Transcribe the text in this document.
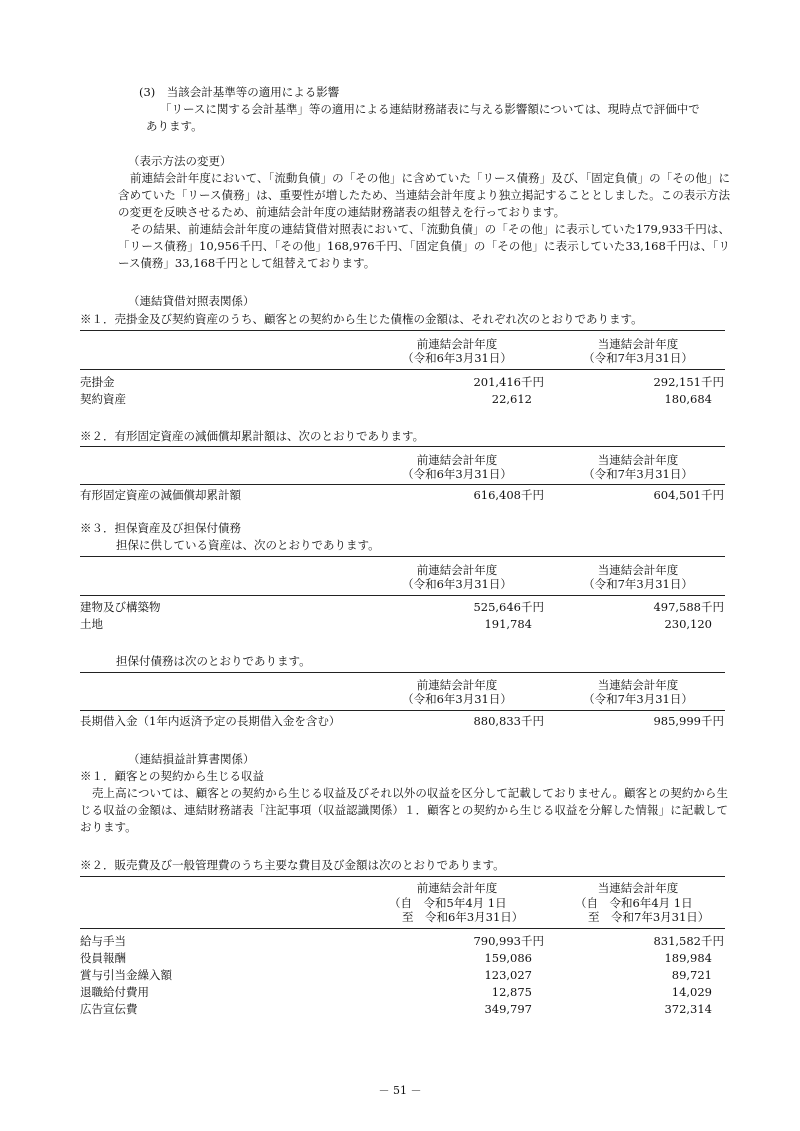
(3)　当該会計基準等の適用による影響
「リースに関する会計基準」等の適用による連結財務諸表に与える影響額については、現時点で評価中で
あります。
（表示方法の変更）
前連結会計年度において、「流動負債」の「その他」に含めていた「リース債務」及び、「固定負債」の「その他」に含めていた「リース債務」は、重要性が増したため、当連結会計年度より独立掲記することとしました。この表示方法の変更を反映させるため、前連結会計年度の連結財務諸表の組替えを行っております。
その結果、前連結会計年度の連結貸借対照表において、「流動負債」の「その他」に表示していた179,933千円は、「リース債務」10,956千円、「その他」168,976千円、「固定負債」の「その他」に表示していた33,168千円は、「リース債務」33,168千円として組替えております。
（連結貸借対照表関係）
※１．売掛金及び契約資産のうち、顧客との契約から生じた債権の金額は、それぞれ次のとおりであります。
前連結会計年度
（令和6年3月31日）
当連結会計年度
（令和7年3月31日）
売掛金	201,416千円	292,151千円
契約資産	22,612	180,684
※２．有形固定資産の減価償却累計額は、次のとおりであります。
前連結会計年度
（令和6年3月31日）
当連結会計年度
（令和7年3月31日）
有形固定資産の減価償却累計額	616,408千円	604,501千円
※３．担保資産及び担保付債務
担保に供している資産は、次のとおりであります。
前連結会計年度
（令和6年3月31日）
当連結会計年度
（令和7年3月31日）
建物及び構築物	525,646千円	497,588千円
土地	191,784	230,120
担保付債務は次のとおりであります。
前連結会計年度
（令和6年3月31日）
当連結会計年度
（令和7年3月31日）
長期借入金（1年内返済予定の長期借入金を含む）	880,833千円	985,999千円
（連結損益計算書関係）
※１．顧客との契約から生じる収益
売上高については、顧客との契約から生じる収益及びそれ以外の収益を区分して記載しておりません。顧客との契約から生じる収益の金額は、連結財務諸表「注記事項（収益認識関係）１．顧客との契約から生じる収益を分解した情報」に記載しております。
※２．販売費及び一般管理費のうち主要な費目及び金額は次のとおりであります。
前連結会計年度
（自　令和5年4月 1日
至　令和6年3月31日）
当連結会計年度
（自　令和6年4月 1日
至　令和7年3月31日）
給与手当	790,993千円	831,582千円
役員報酬	159,086	189,984
賞与引当金繰入額	123,027	89,721
退職給付費用	12,875	14,029
広告宣伝費	349,797	372,314
－ 51 －
